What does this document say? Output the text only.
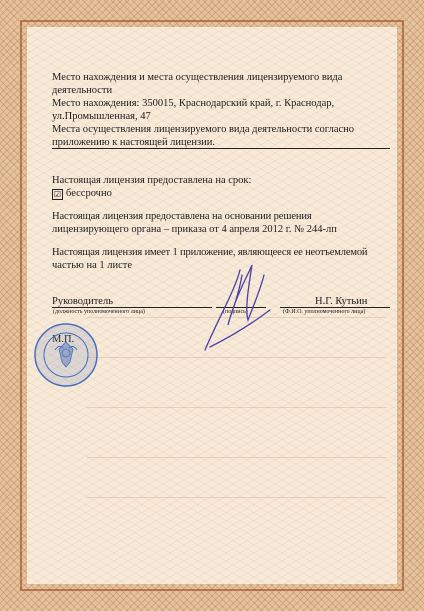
Место нахождения и места осуществления лицензируемого вида
деятельности
Место нахождения: 350015, Краснодарский край, г. Краснодар,
ул.Промышленная, 47
Места осуществления лицензируемого вида деятельности согласно
приложению к настоящей лицензии.
Настоящая лицензия предоставлена на срок:
☑ бессрочно
Настоящая лицензия предоставлена на основании решения
лицензирующего органа – приказа от 4 апреля 2012 г. № 244-лп
Настоящая лицензия имеет 1 приложение, являющееся ее неотъемлемой
частью на 1 листе
Руководитель
(должность уполномоченного лица)	(подпись)
Н.Г. Кутьин
(Ф.И.О. уполномоченного лица)
